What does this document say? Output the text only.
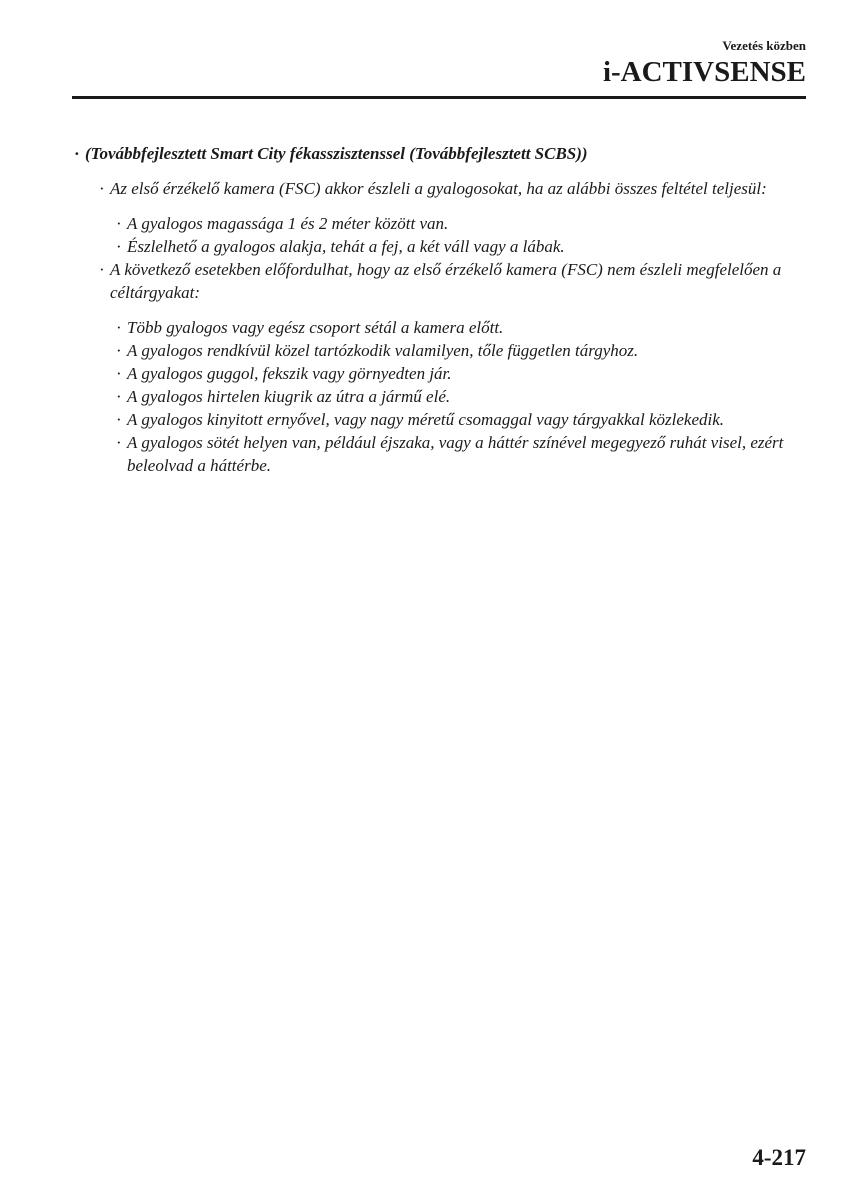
Vezetés közben
i-ACTIVSENSE

· (Továbbfejlesztett Smart City fékasszisztenssel (Továbbfejlesztett SCBS))

· Az első érzékelő kamera (FSC) akkor észleli a gyalogosokat, ha az alábbi összes feltétel teljesül:

· A gyalogos magassága 1 és 2 méter között van.

· Észlelhető a gyalogos alakja, tehát a fej, a két váll vagy a lábak.

· A következő esetekben előfordulhat, hogy az első érzékelő kamera (FSC) nem észleli megfelelően a céltárgyakat:

· Több gyalogos vagy egész csoport sétál a kamera előtt.

· A gyalogos rendkívül közel tartózkodik valamilyen, tőle független tárgyhoz.

· A gyalogos guggol, fekszik vagy görnyedten jár.

· A gyalogos hirtelen kiugrik az útra a jármű elé.

· A gyalogos kinyitott ernyővel, vagy nagy méretű csomaggal vagy tárgyakkal közlekedik.

· A gyalogos sötét helyen van, például éjszaka, vagy a háttér színével megegyező ruhát visel, ezért beleolvad a háttérbe.

4-217
